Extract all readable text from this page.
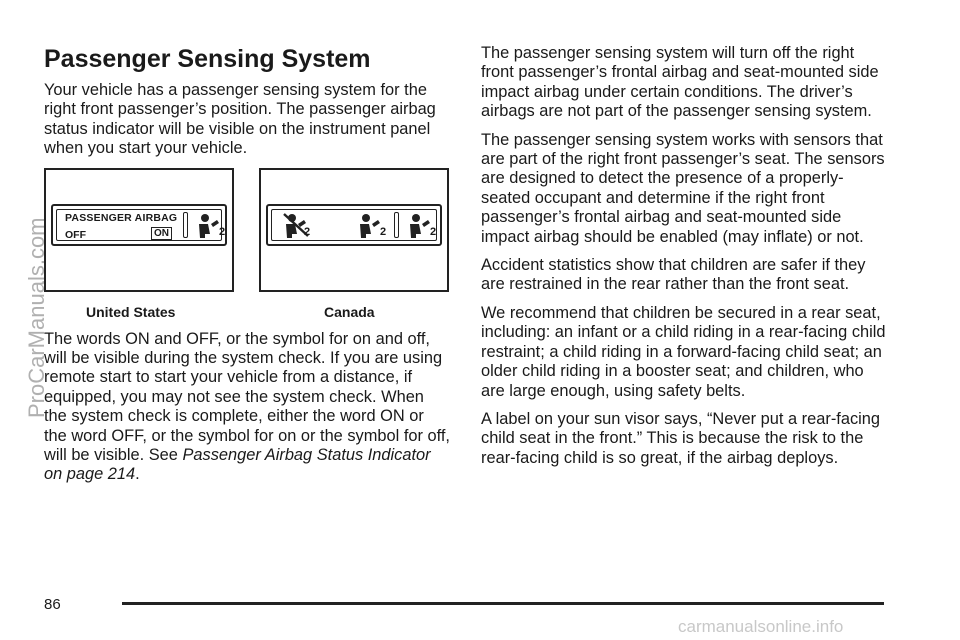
Passenger Sensing System

Your vehicle has a passenger sensing system for the right front passenger’s position. The passenger airbag status indicator will be visible on the instrument panel when you start your vehicle.

PASSENGER AIRBAG
OFF	ON	2
United States
2	2	2
Canada

The words ON and OFF, or the symbol for on and off, will be visible during the system check. If you are using remote start to start your vehicle from a distance, if equipped, you may not see the system check. When the system check is complete, either the word ON or the word OFF, or the symbol for on or the symbol for off, will be visible. See Passenger Airbag Status Indicator on page 214.

The passenger sensing system will turn off the right front passenger’s frontal airbag and seat-mounted side impact airbag under certain conditions. The driver’s airbags are not part of the passenger sensing system.

The passenger sensing system works with sensors that are part of the right front passenger’s seat. The sensors are designed to detect the presence of a properly-seated occupant and determine if the right front passenger’s frontal airbag and seat-mounted side impact airbag should be enabled (may inflate) or not.

Accident statistics show that children are safer if they are restrained in the rear rather than the front seat.

We recommend that children be secured in a rear seat, including: an infant or a child riding in a rear-facing child restraint; a child riding in a forward-facing child seat; an older child riding in a booster seat; and children, who are large enough, using safety belts.

A label on your sun visor says, “Never put a rear-facing child seat in the front.” This is because the risk to the rear-facing child is so great, if the airbag deploys.

86
ProCarManuals.com
carmanualsonline.info
